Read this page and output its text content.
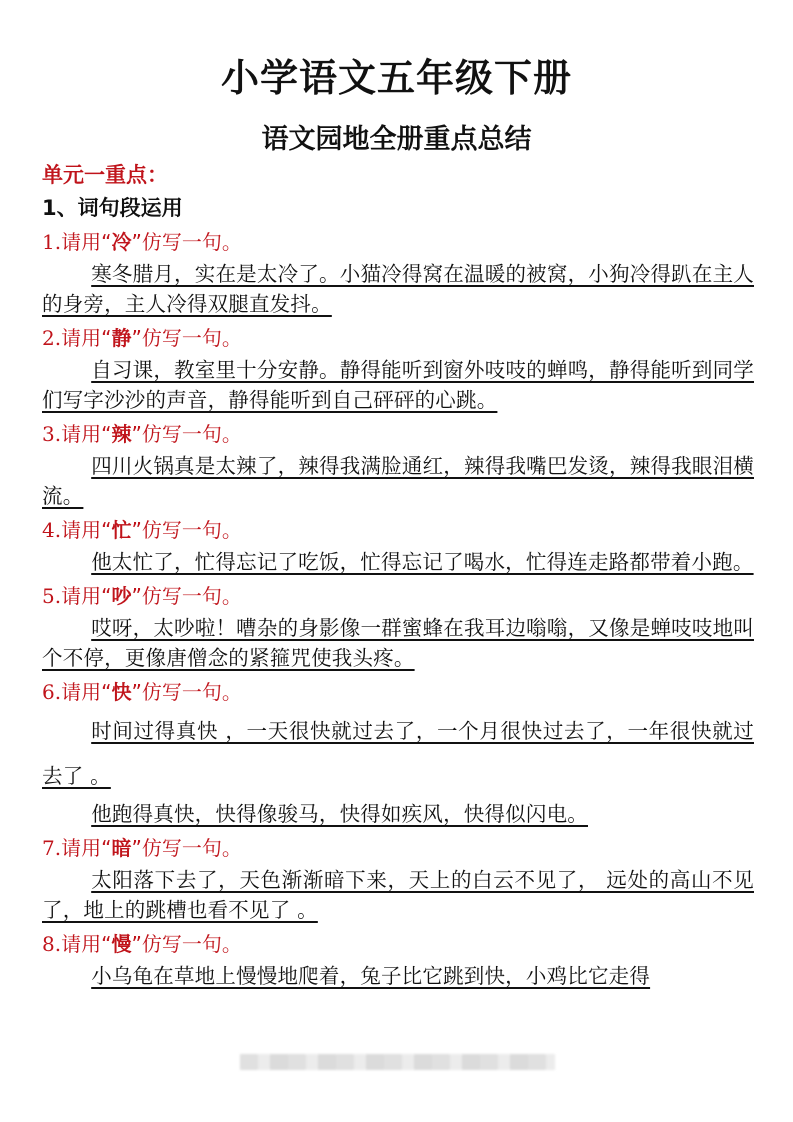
小学语文五年级下册
语文园地全册重点总结
单元一重点：
1、词句段运用
1.请用“冷”仿写一句。

寒冬腊月，实在是太冷了。小猫冷得窝在温暖的被窝，小狗冷得趴在主人的身旁，主人冷得双腿直发抖。

2.请用“静”仿写一句。

自习课，教室里十分安静。静得能听到窗外吱吱的蝉鸣，静得能听到同学们写字沙沙的声音，静得能听到自己砰砰的心跳。

3.请用“辣”仿写一句。

四川火锅真是太辣了，辣得我满脸通红，辣得我嘴巴发烫，辣得我眼泪横流。

4.请用“忙”仿写一句。

他太忙了，忙得忘记了吃饭，忙得忘记了喝水，忙得连走路都带着小跑。

5.请用“吵”仿写一句。

哎呀，太吵啦！嘈杂的身影像一群蜜蜂在我耳边嗡嗡，又像是蝉吱吱地叫个不停，更像唐僧念的紧箍咒使我头疼。

6.请用“快”仿写一句。

时间过得真快 ，一天很快就过去了，一个月很快过去了，一年很快就过去了 。

他跑得真快，快得像骏马，快得如疾风，快得似闪电。

7.请用“暗”仿写一句。

太阳落下去了，天色渐渐暗下来，天上的白云不见了， 远处的高山不见了，地上的跳槽也看不见了 。

8.请用“慢”仿写一句。

小乌龟在草地上慢慢地爬着，兔子比它跳到快，小鸡比它走得

​
